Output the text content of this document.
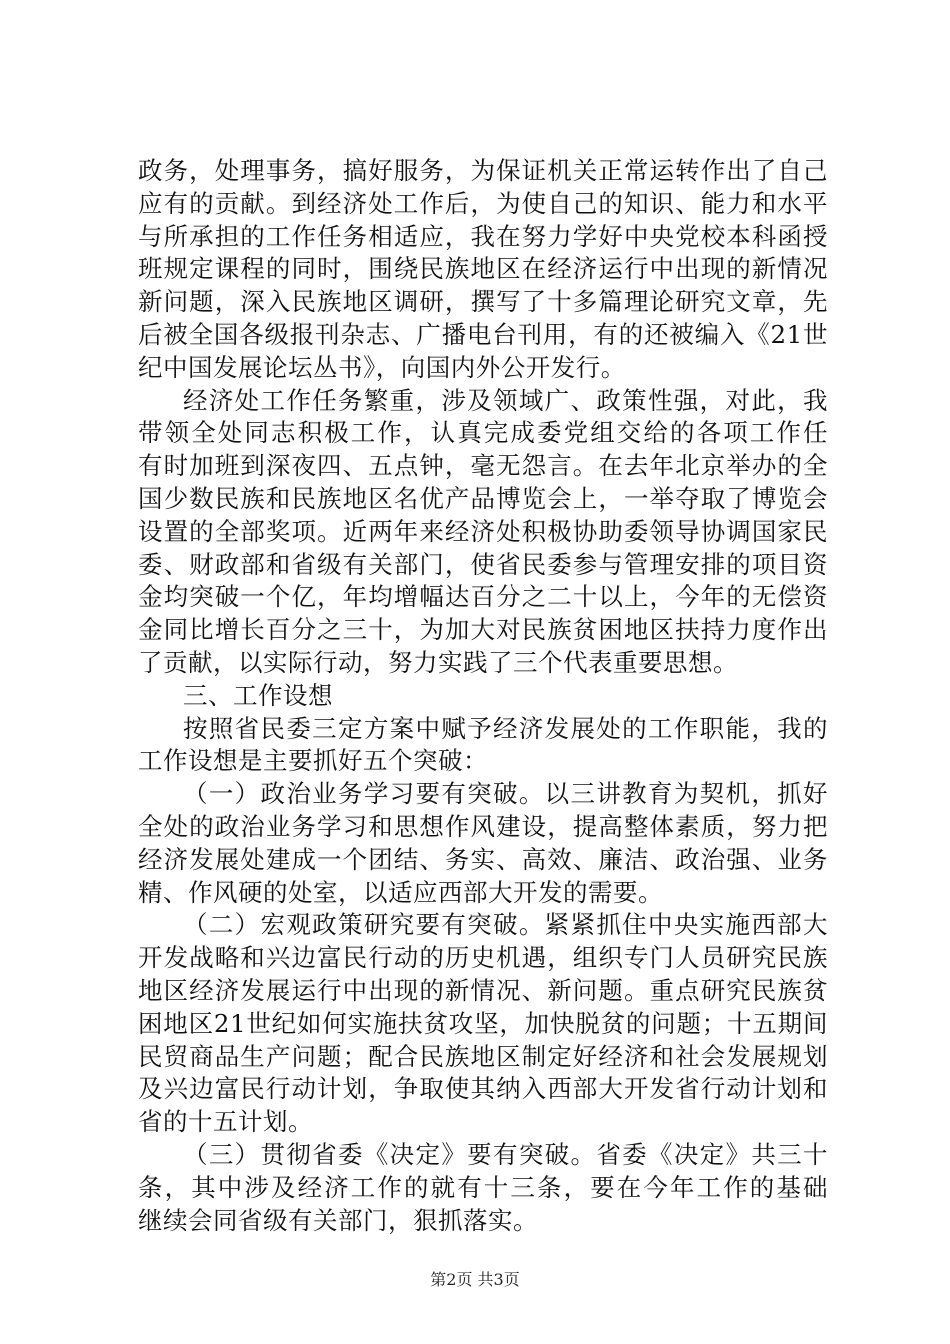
政务，处理事务，搞好服务，为保证机关正常运转作出了自己
应有的贡献。到经济处工作后，为使自己的知识、能力和水平
与所承担的工作任务相适应，我在努力学好中央党校本科函授
班规定课程的同时，围绕民族地区在经济运行中出现的新情况
新问题，深入民族地区调研，撰写了十多篇理论研究文章，先
后被全国各级报刊杂志、广播电台刊用，有的还被编入《21世
纪中国发展论坛丛书》，向国内外公开发行。
经济处工作任务繁重，涉及领域广、政策性强，对此，我
带领全处同志积极工作，认真完成委党组交给的各项工作任
有时加班到深夜四、五点钟，毫无怨言。在去年北京举办的全
国少数民族和民族地区名优产品博览会上，一举夺取了博览会
设置的全部奖项。近两年来经济处积极协助委领导协调国家民
委、财政部和省级有关部门，使省民委参与管理安排的项目资
金均突破一个亿，年均增幅达百分之二十以上，今年的无偿资
金同比增长百分之三十，为加大对民族贫困地区扶持力度作出
了贡献，以实际行动，努力实践了三个代表重要思想。
三、工作设想
按照省民委三定方案中赋予经济发展处的工作职能，我的
工作设想是主要抓好五个突破：
（一）政治业务学习要有突破。以三讲教育为契机，抓好
全处的政治业务学习和思想作风建设，提高整体素质，努力把
经济发展处建成一个团结、务实、高效、廉洁、政治强、业务
精、作风硬的处室，以适应西部大开发的需要。
（二）宏观政策研究要有突破。紧紧抓住中央实施西部大
开发战略和兴边富民行动的历史机遇，组织专门人员研究民族
地区经济发展运行中出现的新情况、新问题。重点研究民族贫
困地区21世纪如何实施扶贫攻坚，加快脱贫的问题；十五期间
民贸商品生产问题；配合民族地区制定好经济和社会发展规划
及兴边富民行动计划，争取使其纳入西部大开发省行动计划和
省的十五计划。
（三）贯彻省委《决定》要有突破。省委《决定》共三十
条，其中涉及经济工作的就有十三条，要在今年工作的基础
继续会同省级有关部门，狠抓落实。
第2页 共3页
